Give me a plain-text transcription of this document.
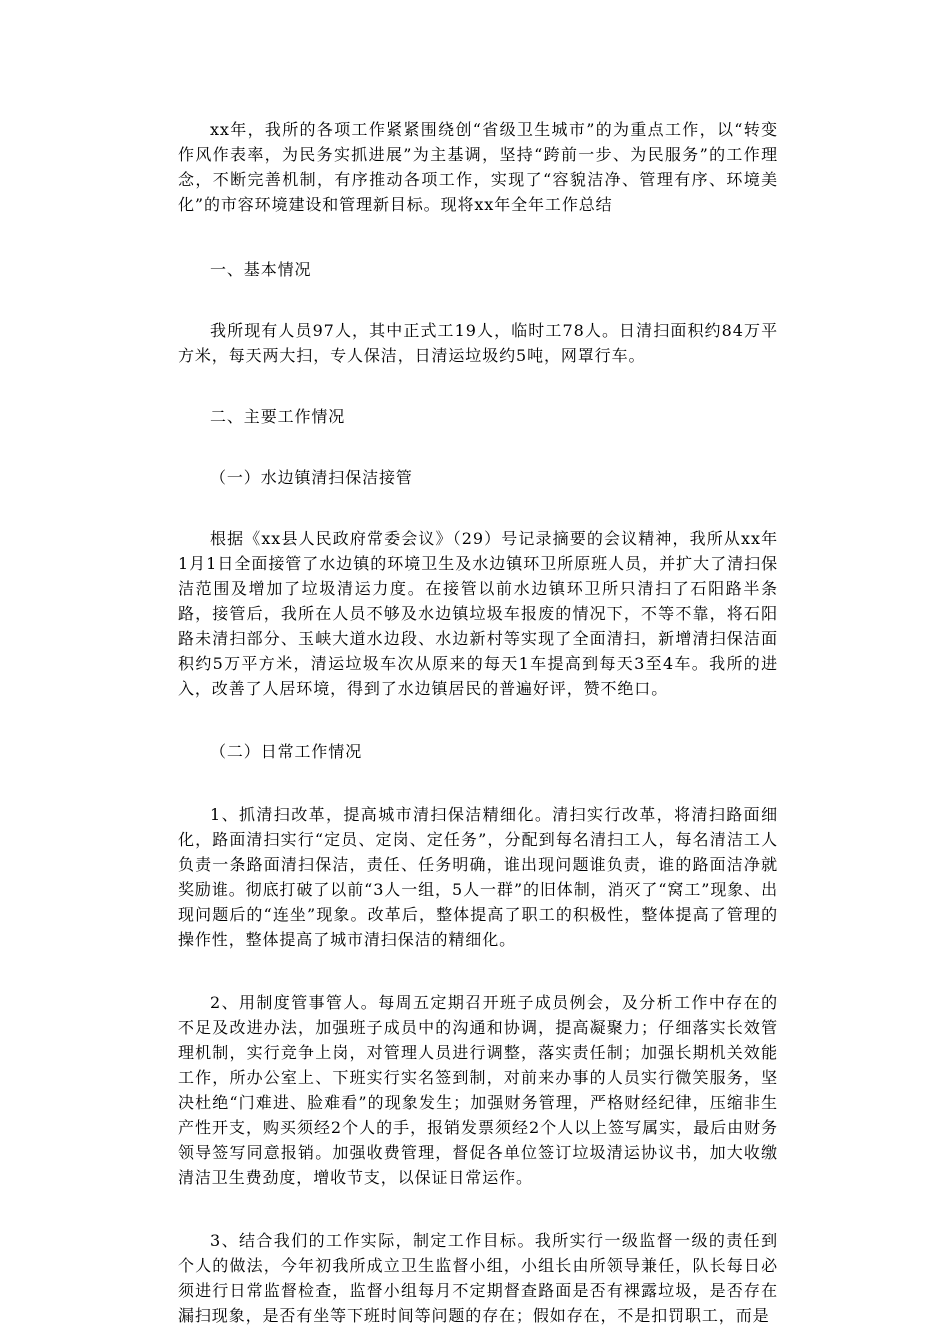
xx年，我所的各项工作紧紧围绕创“省级卫生城市”的为重点工作，以“转变作风作表率，为民务实抓进展”为主基调，坚持“跨前一步、为民服务”的工作理念，不断完善机制，有序推动各项工作，实现了“容貌洁净、管理有序、环境美化”的市容环境建设和管理新目标。现将xx年全年工作总结

一、基本情况

我所现有人员97人，其中正式工19人，临时工78人。日清扫面积约84万平方米，每天两大扫，专人保洁，日清运垃圾约5吨，网罩行车。

二、主要工作情况

（一）水边镇清扫保洁接管

根据《xx县人民政府常委会议》（29）号记录摘要的会议精神，我所从xx年1月1日全面接管了水边镇的环境卫生及水边镇环卫所原班人员，并扩大了清扫保洁范围及增加了垃圾清运力度。在接管以前水边镇环卫所只清扫了石阳路半条路，接管后，我所在人员不够及水边镇垃圾车报废的情况下，不等不靠，将石阳路未清扫部分、玉峡大道水边段、水边新村等实现了全面清扫，新增清扫保洁面积约5万平方米，清运垃圾车次从原来的每天1车提高到每天3至4车。我所的进入，改善了人居环境，得到了水边镇居民的普遍好评，赞不绝口。

（二）日常工作情况

1、抓清扫改革，提高城市清扫保洁精细化。清扫实行改革，将清扫路面细化，路面清扫实行“定员、定岗、定任务”，分配到每名清扫工人，每名清洁工人负责一条路面清扫保洁，责任、任务明确，谁出现问题谁负责，谁的路面洁净就奖励谁。彻底打破了以前“3人一组，5人一群”的旧体制，消灭了“窝工”现象、出现问题后的“连坐”现象。改革后，整体提高了职工的积极性，整体提高了管理的操作性，整体提高了城市清扫保洁的精细化。

2、用制度管事管人。每周五定期召开班子成员例会，及分析工作中存在的不足及改进办法，加强班子成员中的沟通和协调，提高凝聚力；仔细落实长效管理机制，实行竞争上岗，对管理人员进行调整，落实责任制；加强长期机关效能工作，所办公室上、下班实行实名签到制，对前来办事的人员实行微笑服务，坚决杜绝“门难进、脸难看”的现象发生；加强财务管理，严格财经纪律，压缩非生产性开支，购买须经2个人的手，报销发票须经2个人以上签写属实，最后由财务领导签写同意报销。加强收费管理，督促各单位签订垃圾清运协议书，加大收缴清洁卫生费劲度，增收节支，以保证日常运作。

3、结合我们的工作实际，制定工作目标。我所实行一级监督一级的责任到个人的做法，今年初我所成立卫生监督小组，小组长由所领导兼任，队长每日必须进行日常监督检查，监督小组每月不定期督查路面是否有裸露垃圾，是否存在漏扫现象，是否有坐等下班时间等问题的存在；假如存在，不是扣罚职工，而是
